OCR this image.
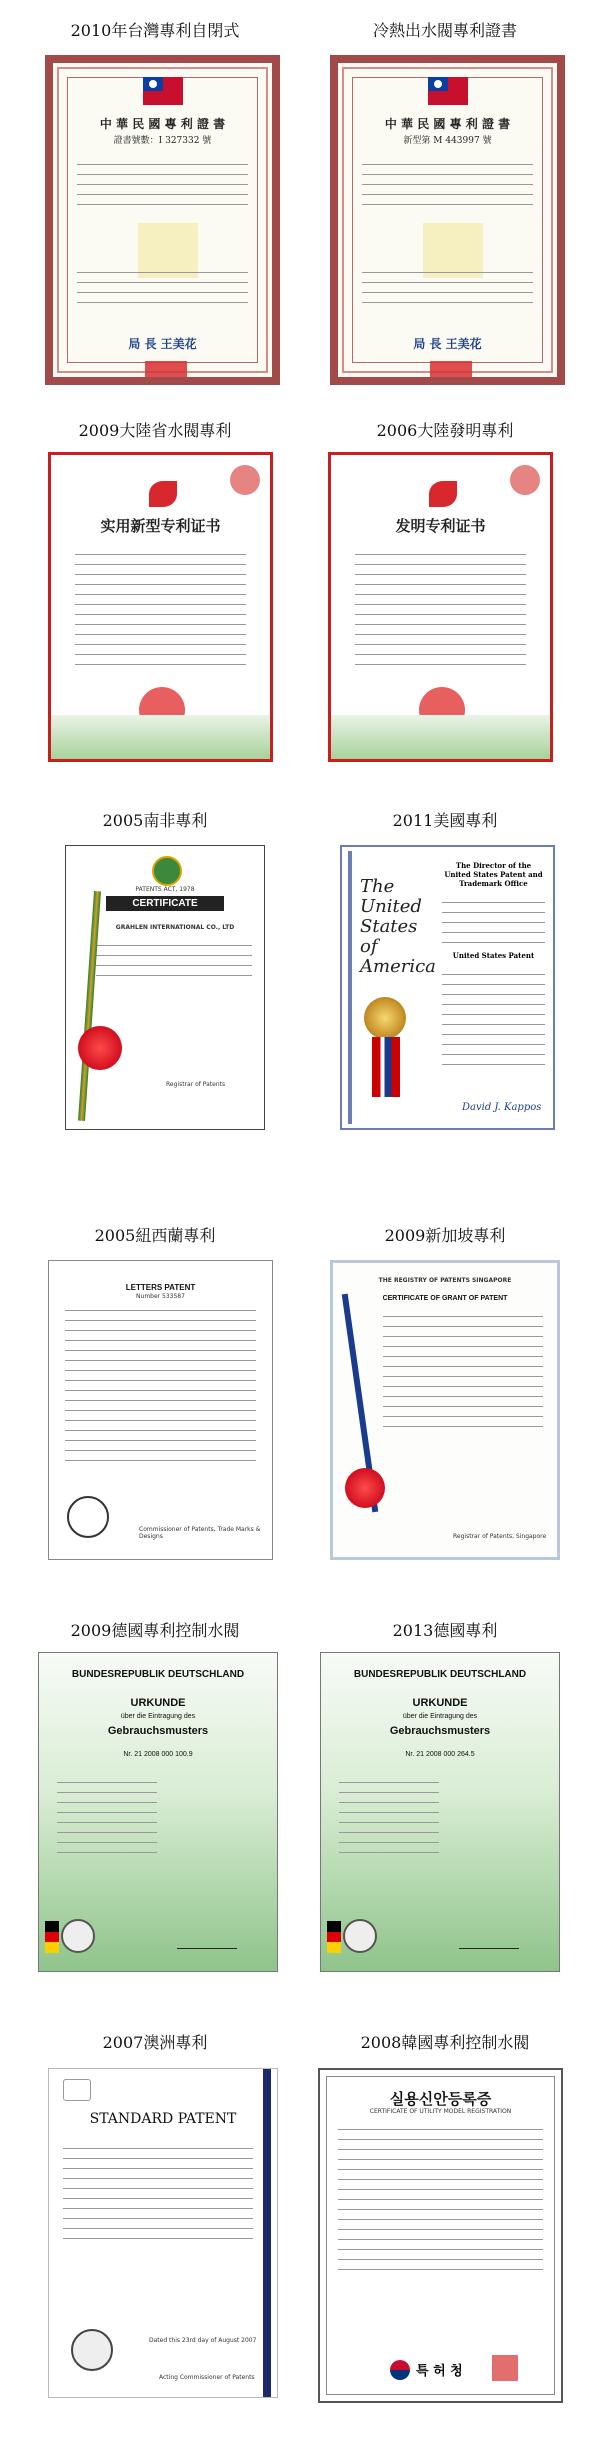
2010年台灣專利自閉式	冷熱出水閥專利證書
中 華 民 國 專 利 證 書
證書號數：I 327332 號
局 長 王美花
中 華 民 國 專 利 證 書
新型第 M 443997 號
局 長 王美花
2009大陸省水閥專利	2006大陸發明專利
实用新型专利证书	发明专利证书
2005南非專利	2011美國專利
PATENTS ACT, 1978
CERTIFICATE
GRAHLEN INTERNATIONAL CO., LTD
Registrar of Patents
The United States of America
The Director of the United States Patent and Trademark Office
United States Patent
David J. Kappos
2005紐西蘭專利	2009新加坡專利
LETTERS PATENT
Number 533587
Commissioner of Patents, Trade Marks & Designs
THE REGISTRY OF PATENTS SINGAPORE
CERTIFICATE OF GRANT OF PATENT
Registrar of Patents, Singapore
2009德國專利控制水閥	2013德國專利
BUNDESREPUBLIK DEUTSCHLAND
URKUNDE
über die Eintragung des
Gebrauchsmusters
Nr. 21 2008 000 100.9
BUNDESREPUBLIK DEUTSCHLAND
URKUNDE
über die Eintragung des
Gebrauchsmusters
Nr. 21 2008 000 264.5
2007澳洲專利	2008韓國專利控制水閥
STANDARD PATENT
Dated this 23rd day of August 2007
Acting Commissioner of Patents
실용신안등록증
CERTIFICATE OF UTILITY MODEL REGISTRATION
특 허 청
